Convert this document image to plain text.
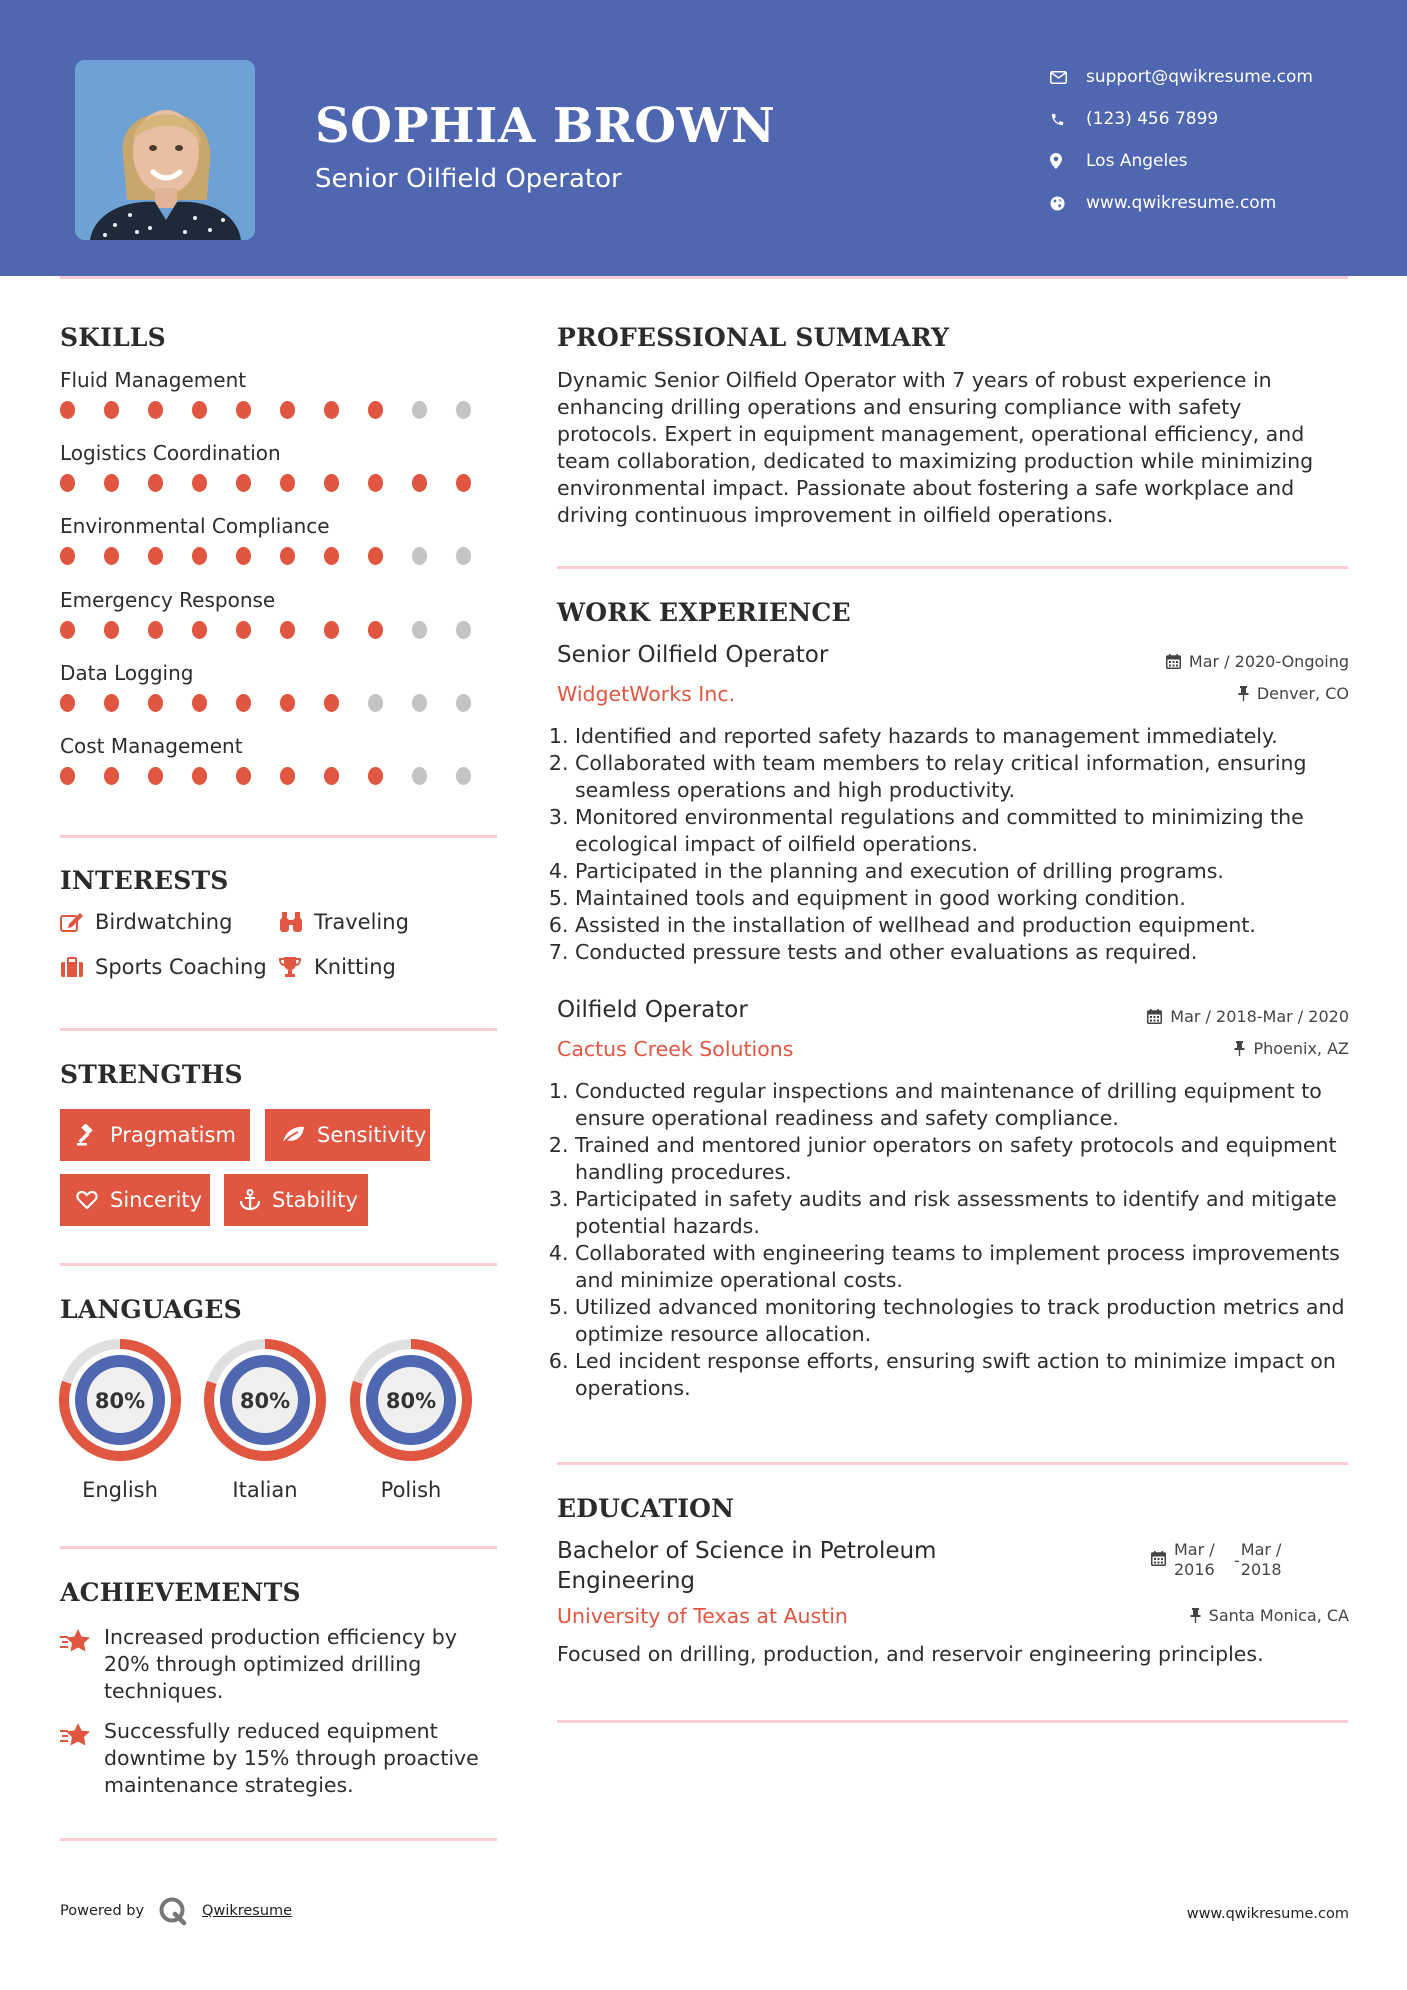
SOPHIA BROWN
Senior Oilfield Operator
support@qwikresume.com
(123) 456 7899
Los Angeles
www.qwikresume.com
SKILLS
Fluid Management
Logistics Coordination
Environmental Compliance
Emergency Response
Data Logging
Cost Management
INTERESTS
Birdwatching	Traveling
Sports Coaching Knitting
STRENGTHS
Pragmatism	Sensitivity
Sincerity	Stability
LANGUAGES
80%
English
80%
Italian
80%
Polish
ACHIEVEMENTS
Increased production efficiency by 20% through optimized drilling techniques.
Successfully reduced equipment downtime by 15% through proactive maintenance strategies.
PROFESSIONAL SUMMARY
Dynamic Senior Oilfield Operator with 7 years of robust experience in enhancing drilling operations and ensuring compliance with safety protocols. Expert in equipment management, operational efficiency, and team collaboration, dedicated to maximizing production while minimizing environmental impact. Passionate about fostering a safe workplace and driving continuous improvement in oilfield operations.
WORK EXPERIENCE
Senior Oilfield Operator
WidgetWorks Inc.
Mar / 2020-Ongoing
Denver, CO
1. Identified and reported safety hazards to management immediately.
2. Collaborated with team members to relay critical information, ensuring seamless operations and high productivity.
3. Monitored environmental regulations and committed to minimizing the ecological impact of oilfield operations.
4. Participated in the planning and execution of drilling programs.
5. Maintained tools and equipment in good working condition.
6. Assisted in the installation of wellhead and production equipment.
7. Conducted pressure tests and other evaluations as required.
Oilfield Operator
Cactus Creek Solutions
Mar / 2018-Mar / 2020
Phoenix, AZ
1. Conducted regular inspections and maintenance of drilling equipment to ensure operational readiness and safety compliance.
2. Trained and mentored junior operators on safety protocols and equipment handling procedures.
3. Participated in safety audits and risk assessments to identify and mitigate potential hazards.
4. Collaborated with engineering teams to implement process improvements and minimize operational costs.
5. Utilized advanced monitoring technologies to track production metrics and optimize resource allocation.
6. Led incident response efforts, ensuring swift action to minimize impact on operations.
EDUCATION
Bachelor of Science in Petroleum Engineering
Mar / 2016	-
Mar / 2018
University of Texas at Austin	Santa Monica, CA
Focused on drilling, production, and reservoir engineering principles.
Powered by	Qwikresume	www.qwikresume.com
